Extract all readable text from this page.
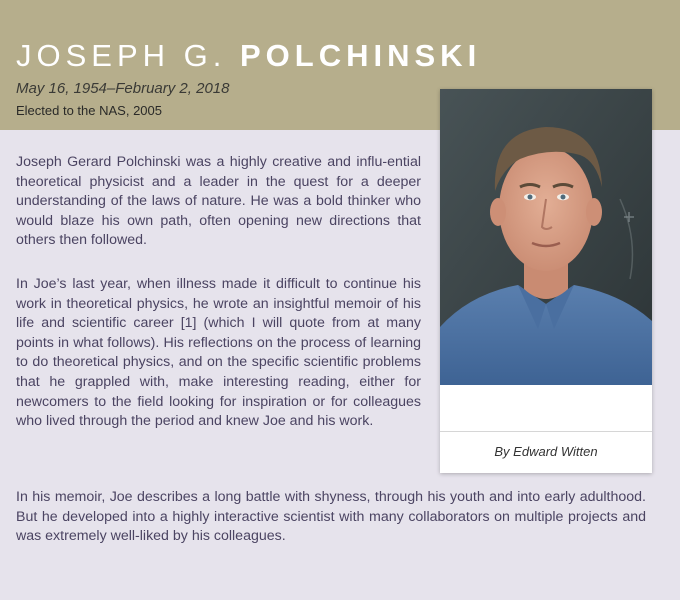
JOSEPH G. POLCHINSKI
May 16, 1954–February 2, 2018
Elected to the NAS, 2005

Joseph Gerard Polchinski was a highly creative and influ-ential theoretical physicist and a leader in the quest for a deeper understanding of the laws of nature. He was a bold thinker who would blaze his own path, often opening new directions that others then followed.

In Joe’s last year, when illness made it difficult to continue his work in theoretical physics, he wrote an insightful memoir of his life and scientific career [1] (which I will quote from at many points in what follows). His reflections on the process of learning to do theoretical physics, and on the specific scientific problems that he grappled with, make interesting reading, either for newcomers to the field looking for inspiration or for colleagues who lived through the period and knew Joe and his work.

In his memoir, Joe describes a long battle with shyness, through his youth and into early adulthood. But he developed into a highly interactive scientist with many collaborators on multiple projects and was extremely well-liked by his colleagues.

By Edward Witten
